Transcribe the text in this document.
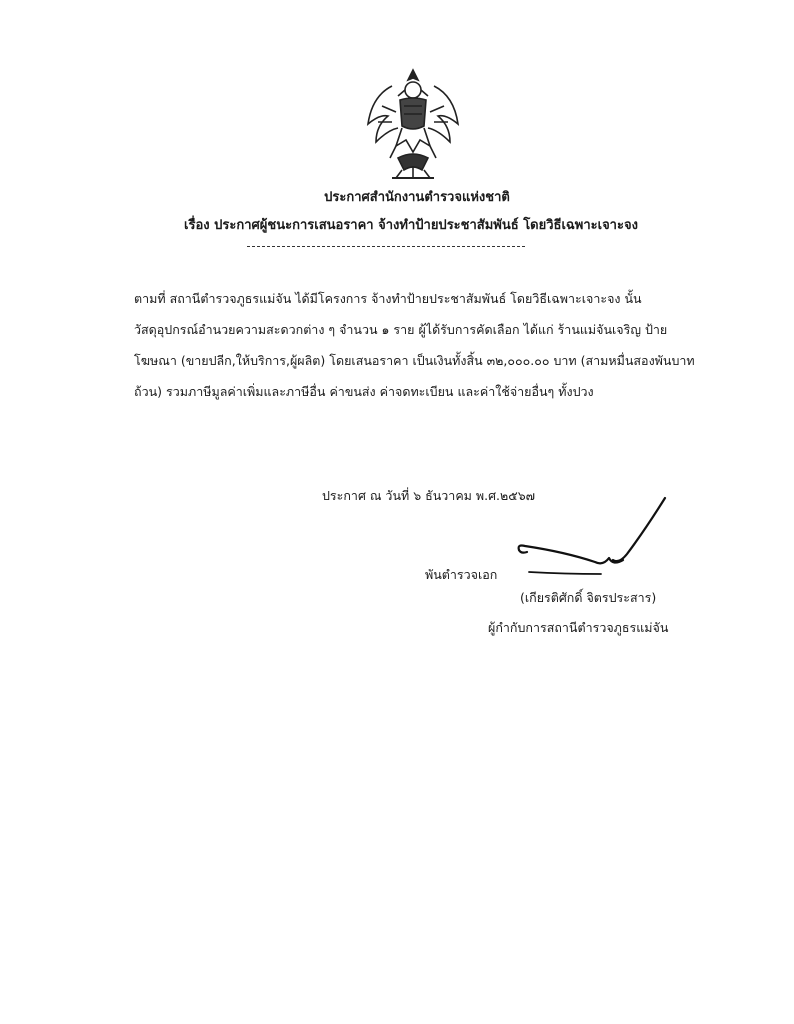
ประกาศสำนักงานตำรวจแห่งชาติ
เรื่อง ประกาศผู้ชนะการเสนอราคา จ้างทำป้ายประชาสัมพันธ์ โดยวิธีเฉพาะเจาะจง
ตามที่ สถานีตำรวจภูธรแม่จัน ได้มีโครงการ จ้างทำป้ายประชาสัมพันธ์ โดยวิธีเฉพาะเจาะจง นั้น
วัสดุอุปกรณ์อำนวยความสะดวกต่าง ๆ จำนวน ๑ ราย ผู้ได้รับการคัดเลือก ได้แก่ ร้านแม่จันเจริญ ป้าย
โฆษณา (ขายปลีก,ให้บริการ,ผู้ผลิต) โดยเสนอราคา เป็นเงินทั้งสิ้น ๓๒,๐๐๐.๐๐ บาท (สามหมื่นสองพันบาท
ถ้วน) รวมภาษีมูลค่าเพิ่มและภาษีอื่น ค่าขนส่ง ค่าจดทะเบียน และค่าใช้จ่ายอื่นๆ ทั้งปวง
ประกาศ ณ วันที่ ๖ ธันวาคม พ.ศ.๒๕๖๗
พันตำรวจเอก
(เกียรติศักดิ์ จิตรประสาร)
ผู้กำกับการสถานีตำรวจภูธรแม่จัน
